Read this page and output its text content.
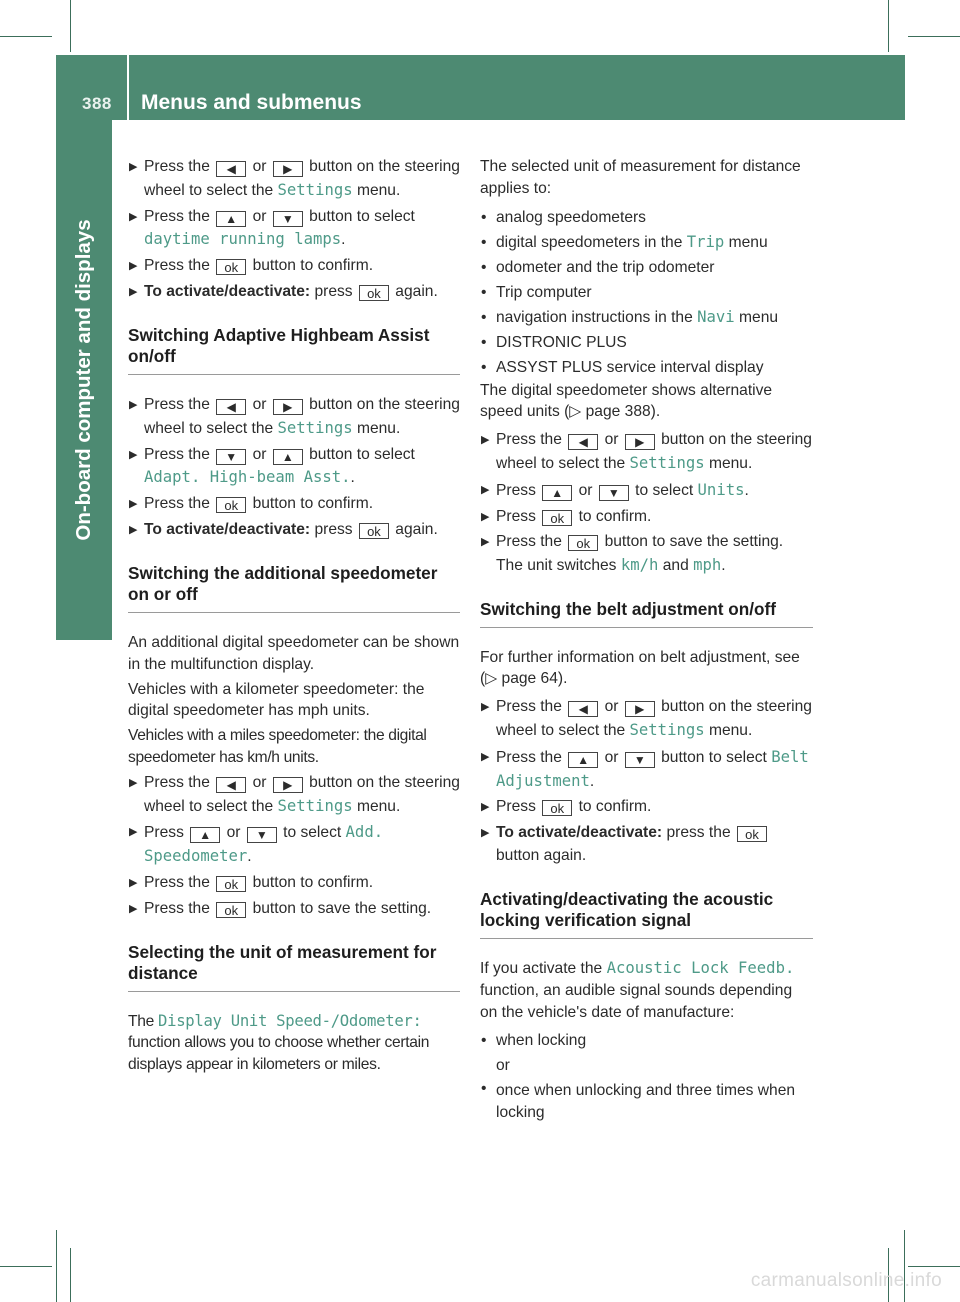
388 Menus and submenus
On-board computer and displays
▶ Press the ◀ or ▶ button on the steering wheel to select the Settings menu.
▶ Press the ▲ or ▼ button to select daytime running lamps.
▶ Press the ok button to confirm.
▶ To activate/deactivate: press ok again.
Switching Adaptive Highbeam Assist on/off
▶ Press the ◀ or ▶ button on the steering wheel to select the Settings menu.
▶ Press the ▼ or ▲ button to select Adapt. High-beam Asst..
▶ Press the ok button to confirm.
▶ To activate/deactivate: press ok again.
Switching the additional speedometer on or off

An additional digital speedometer can be shown in the multifunction display.

Vehicles with a kilometer speedometer: the digital speedometer has mph units.

Vehicles with a miles speedometer: the digital speedometer has km/h units.

▶ Press the ◀ or ▶ button on the steering wheel to select the Settings menu.
▶ Press ▲ or ▼ to select Add. Speedometer.
▶ Press the ok button to confirm.
▶ Press the ok button to save the setting.
Selecting the unit of measurement for distance

The Display Unit Speed-/Odometer: function allows you to choose whether certain displays appear in kilometers or miles.

The selected unit of measurement for distance applies to:

• analog speedometers
• digital speedometers in the Trip menu
• odometer and the trip odometer
• Trip computer
• navigation instructions in the Navi menu
• DISTRONIC PLUS
• ASSYST PLUS service interval display

The digital speedometer shows alternative speed units (▷ page 388).

▶ Press the ◀ or ▶ button on the steering wheel to select the Settings menu.
▶ Press ▲ or ▼ to select Units.
▶ Press ok to confirm.
▶ Press the ok button to save the setting.
The unit switches km/h and mph.
Switching the belt adjustment on/off

For further information on belt adjustment, see (▷ page 64).

▶ Press the ◀ or ▶ button on the steering wheel to select the Settings menu.
▶ Press the ▲ or ▼ button to select Belt Adjustment.
▶ Press ok to confirm.
▶ To activate/deactivate: press the ok button again.
Activating/deactivating the acoustic locking verification signal

If you activate the Acoustic Lock Feedb. function, an audible signal sounds depending on the vehicle's date of manufacture:

• when locking
or
• once when unlocking and three times when locking
carmanualsonline.info
